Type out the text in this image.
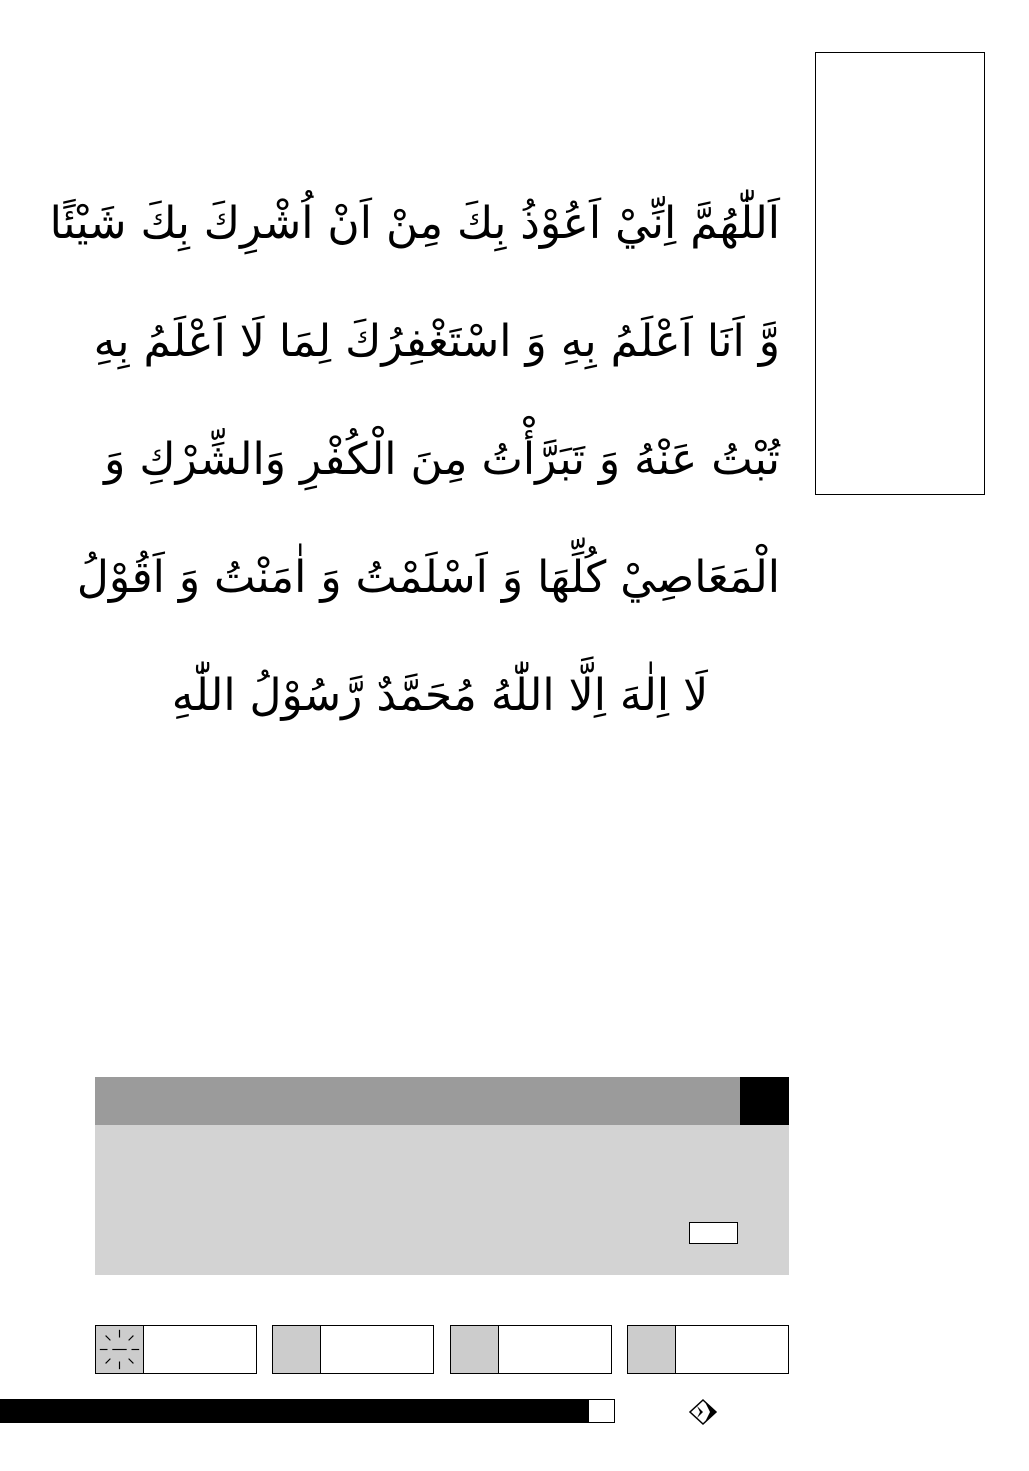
اَللّٰهُمَّ اِنِّيْ اَعُوْذُ بِكَ مِنْ اَنْ اُشْرِكَ بِكَ شَيْئًا
وَّ اَنَا اَعْلَمُ بِهِ وَ اسْتَغْفِرُكَ لِمَا لَا اَعْلَمُ بِهِ
تُبْتُ عَنْهُ وَ تَبَرَّأْتُ مِنَ الْكُفْرِ وَالشِّرْكِ وَ
الْمَعَاصِيْ كُلِّهَا وَ اَسْلَمْتُ وَ اٰمَنْتُ وَ اَقُوْلُ
لَا اِلٰهَ اِلَّا اللّٰهُ مُحَمَّدٌ رَّسُوْلُ اللّٰهِ
